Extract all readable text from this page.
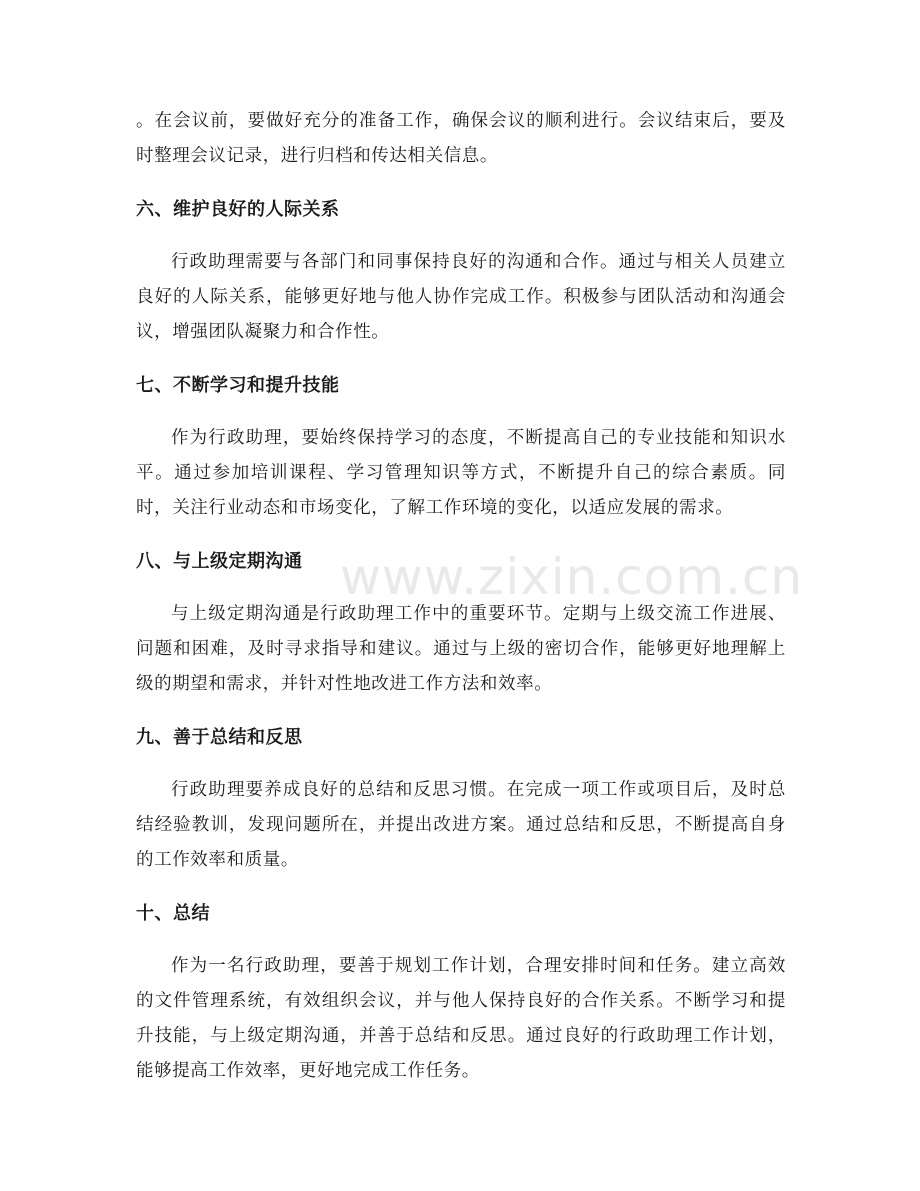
www.zixin.com.cn

。在会议前，要做好充分的准备工作，确保会议的顺利进行。会议结束后，要及时整理会议记录，进行归档和传达相关信息。

六、维护良好的人际关系

行政助理需要与各部门和同事保持良好的沟通和合作。通过与相关人员建立良好的人际关系，能够更好地与他人协作完成工作。积极参与团队活动和沟通会议，增强团队凝聚力和合作性。

七、不断学习和提升技能

作为行政助理，要始终保持学习的态度，不断提高自己的专业技能和知识水平。通过参加培训课程、学习管理知识等方式，不断提升自己的综合素质。同时，关注行业动态和市场变化，了解工作环境的变化，以适应发展的需求。

八、与上级定期沟通

与上级定期沟通是行政助理工作中的重要环节。定期与上级交流工作进展、问题和困难，及时寻求指导和建议。通过与上级的密切合作，能够更好地理解上级的期望和需求，并针对性地改进工作方法和效率。

九、善于总结和反思

行政助理要养成良好的总结和反思习惯。在完成一项工作或项目后，及时总结经验教训，发现问题所在，并提出改进方案。通过总结和反思，不断提高自身的工作效率和质量。

十、总结

作为一名行政助理，要善于规划工作计划，合理安排时间和任务。建立高效的文件管理系统，有效组织会议，并与他人保持良好的合作关系。不断学习和提升技能，与上级定期沟通，并善于总结和反思。通过良好的行政助理工作计划，能够提高工作效率，更好地完成工作任务。
